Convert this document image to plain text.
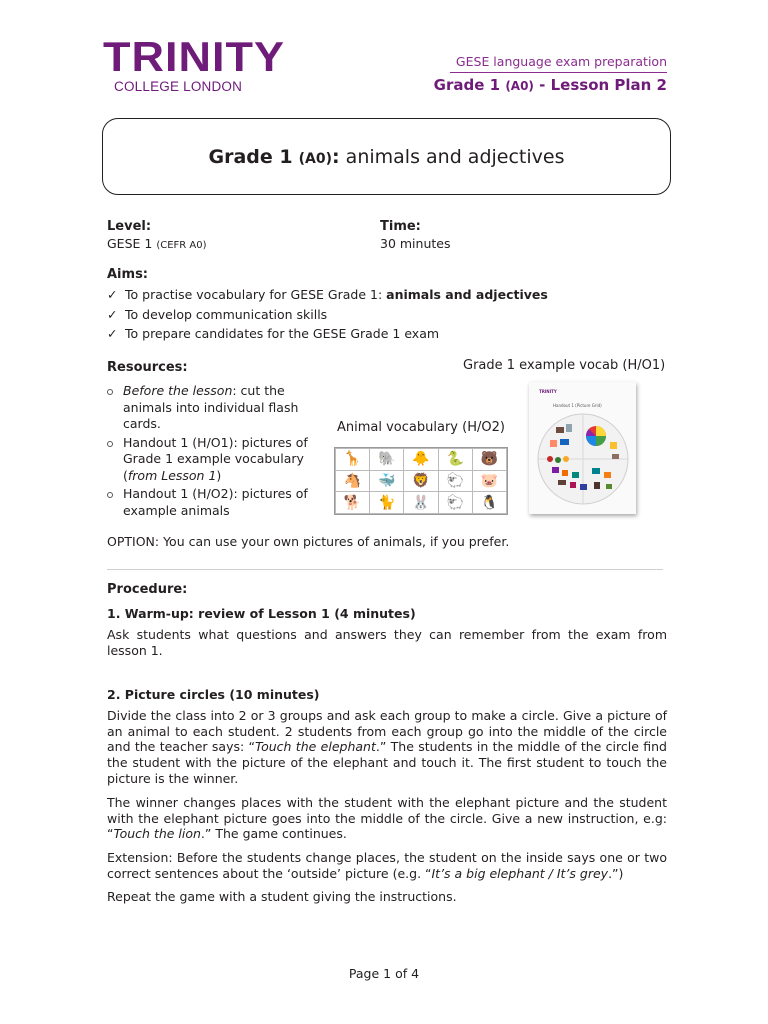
TRINITY
COLLEGE LONDON
GESE language exam preparation
Grade 1 (A0) - Lesson Plan 2
Grade 1 (A0): animals and adjectives
Level:
GESE 1 (CEFR A0)
Time:
30 minutes
Aims:
✓ To practise vocabulary for GESE Grade 1: animals and adjectives
✓ To develop communication skills
✓ To prepare candidates for the GESE Grade 1 exam
Resources:
Before the lesson: cut the animals into individual flash cards.
Handout 1 (H/O1): pictures of Grade 1 example vocabulary (from Lesson 1)
Handout 1 (H/O2): pictures of example animals
Grade 1 example vocab (H/O1)
Animal vocabulary (H/O2)
🦒	🐘	🐥	🐍	🐻
🐴	🐳	🦁	🐑	🐷
🐕	🐈	🐰	🐑	🐧
TRINITY
Handout 1 (Picture Grid)
OPTION: You can use your own pictures of animals, if you prefer.
Procedure:
1. Warm-up: review of Lesson 1 (4 minutes)
Ask students what questions and answers they can remember from the exam from lesson 1.
2. Picture circles (10 minutes)
Divide the class into 2 or 3 groups and ask each group to make a circle. Give a picture of an animal to each student. 2 students from each group go into the middle of the circle and the teacher says: “Touch the elephant.” The students in the middle of the circle find the student with the picture of the elephant and touch it. The first student to touch the picture is the winner.
The winner changes places with the student with the elephant picture and the student with the elephant picture goes into the middle of the circle. Give a new instruction, e.g: “Touch the lion.” The game continues.
Extension: Before the students change places, the student on the inside says one or two correct sentences about the ‘outside’ picture (e.g. “It’s a big elephant / It’s grey.”)
Repeat the game with a student giving the instructions.
Page 1 of 4
